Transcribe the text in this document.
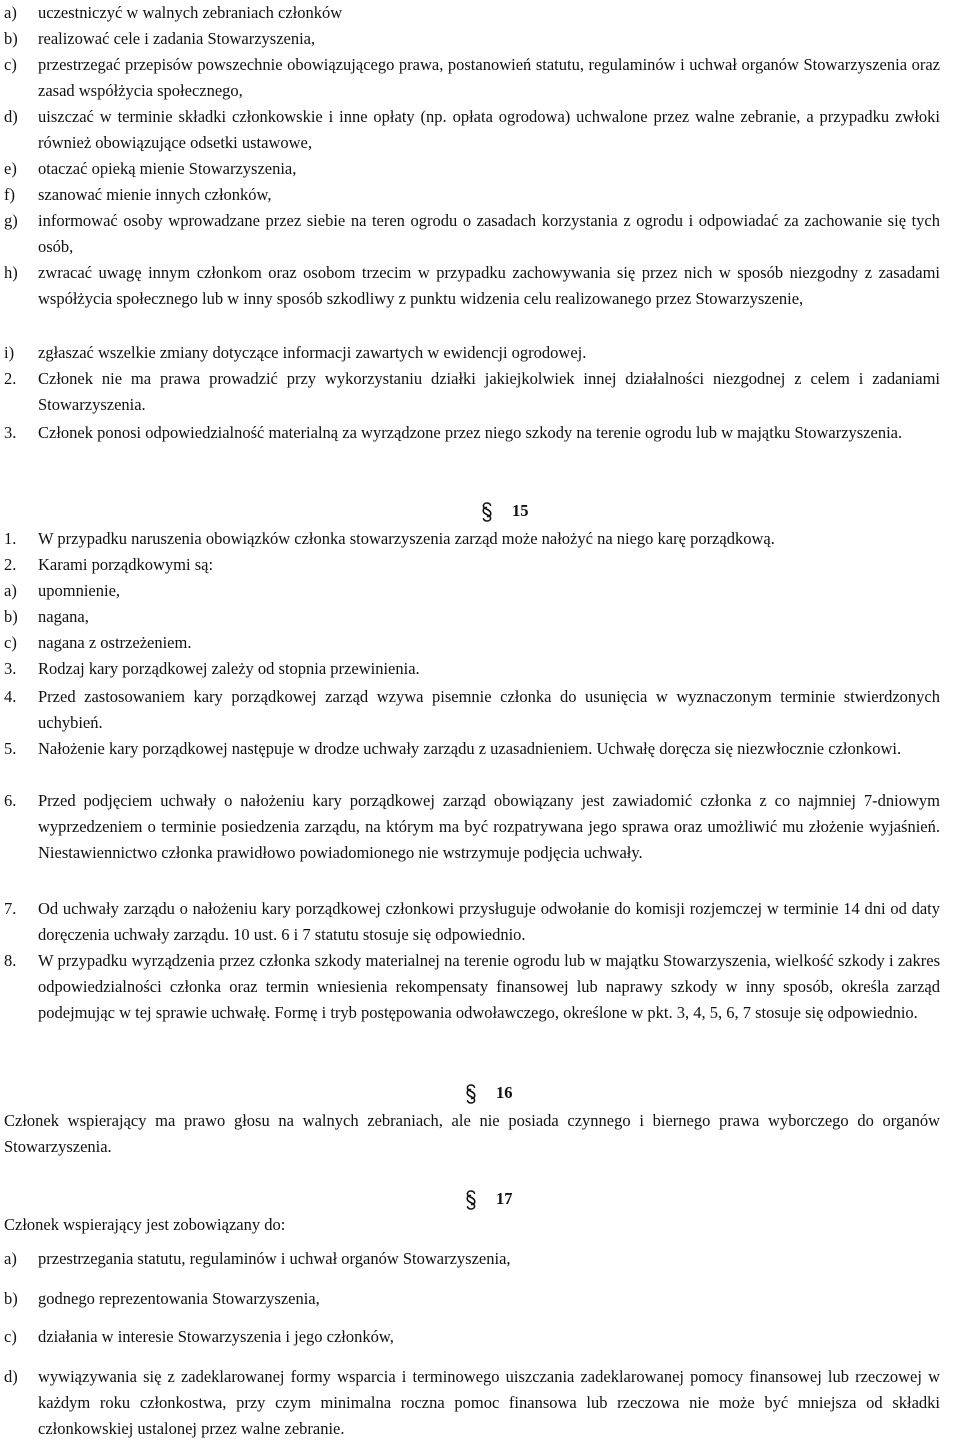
a) uczestniczyć w walnych zebraniach członków
b) realizować cele i zadania Stowarzyszenia,
c) przestrzegać przepisów powszechnie obowiązującego prawa, postanowień statutu, regulaminów i uchwał organów Stowarzyszenia oraz zasad współżycia społecznego,
d) uiszczać w terminie składki członkowskie i inne opłaty (np. opłata ogrodowa) uchwalone przez walne zebranie, a przypadku zwłoki również obowiązujące odsetki ustawowe,
e) otaczać opieką mienie Stowarzyszenia,
f) szanować mienie innych członków,
g) informować osoby wprowadzane przez siebie na teren ogrodu o zasadach korzystania z ogrodu i odpowiadać za zachowanie się tych osób,
h) zwracać uwagę innym członkom oraz osobom trzecim w przypadku zachowywania się przez nich w sposób niezgodny z zasadami współżycia społecznego lub w inny sposób szkodliwy z punktu widzenia celu realizowanego przez Stowarzyszenie,
i) zgłaszać wszelkie zmiany dotyczące informacji zawartych w ewidencji ogrodowej.
2. Członek nie ma prawa prowadzić przy wykorzystaniu działki jakiejkolwiek innej działalności niezgodnej z celem i zadaniami Stowarzyszenia.
3. Członek ponosi odpowiedzialność materialną za wyrządzone przez niego szkody na terenie ogrodu lub w majątku Stowarzyszenia.
15
1. W przypadku naruszenia obowiązków członka stowarzyszenia zarząd może nałożyć na niego karę porządkową.
2. Karami porządkowymi są:
a) upomnienie,
b) nagana,
c) nagana z ostrzeżeniem.
3. Rodzaj kary porządkowej zależy od stopnia przewinienia.
4. Przed zastosowaniem kary porządkowej zarząd wzywa pisemnie członka do usunięcia w wyznaczonym terminie stwierdzonych uchybień.
5. Nałożenie kary porządkowej następuje w drodze uchwały zarządu z uzasadnieniem. Uchwałę doręcza się niezwłocznie członkowi.
6. Przed podjęciem uchwały o nałożeniu kary porządkowej zarząd obowiązany jest zawiadomić członka z co najmniej 7-dniowym wyprzedzeniem o terminie posiedzenia zarządu, na którym ma być rozpatrywana jego sprawa oraz umożliwić mu złożenie wyjaśnień. Niestawiennictwo członka prawidłowo powiadomionego nie wstrzymuje podjęcia uchwały.
7. Od uchwały zarządu o nałożeniu kary porządkowej członkowi przysługuje odwołanie do komisji rozjemczej w terminie 14 dni od daty doręczenia uchwały zarządu. 10 ust. 6 i 7 statutu stosuje się odpowiednio.
8. W przypadku wyrządzenia przez członka szkody materialnej na terenie ogrodu lub w majątku Stowarzyszenia, wielkość szkody i zakres odpowiedzialności członka oraz termin wniesienia rekompensaty finansowej lub naprawy szkody w inny sposób, określa zarząd podejmując w tej sprawie uchwałę. Formę i tryb postępowania odwoławczego, określone w pkt. 3, 4, 5, 6, 7 stosuje się odpowiednio.
16
Członek wspierający ma prawo głosu na walnych zebraniach, ale nie posiada czynnego i biernego prawa wyborczego do organów Stowarzyszenia.
17
Członek wspierający jest zobowiązany do:
a) przestrzegania statutu, regulaminów i uchwał organów Stowarzyszenia,
b) godnego reprezentowania Stowarzyszenia,
c) działania w interesie Stowarzyszenia i jego członków,
d) wywiązywania się z zadeklarowanej formy wsparcia i terminowego uiszczania zadeklarowanej pomocy finansowej lub rzeczowej w każdym roku członkostwa, przy czym minimalna roczna pomoc finansowa lub rzeczowa nie może być mniejsza od składki członkowskiej ustalonej przez walne zebranie.
